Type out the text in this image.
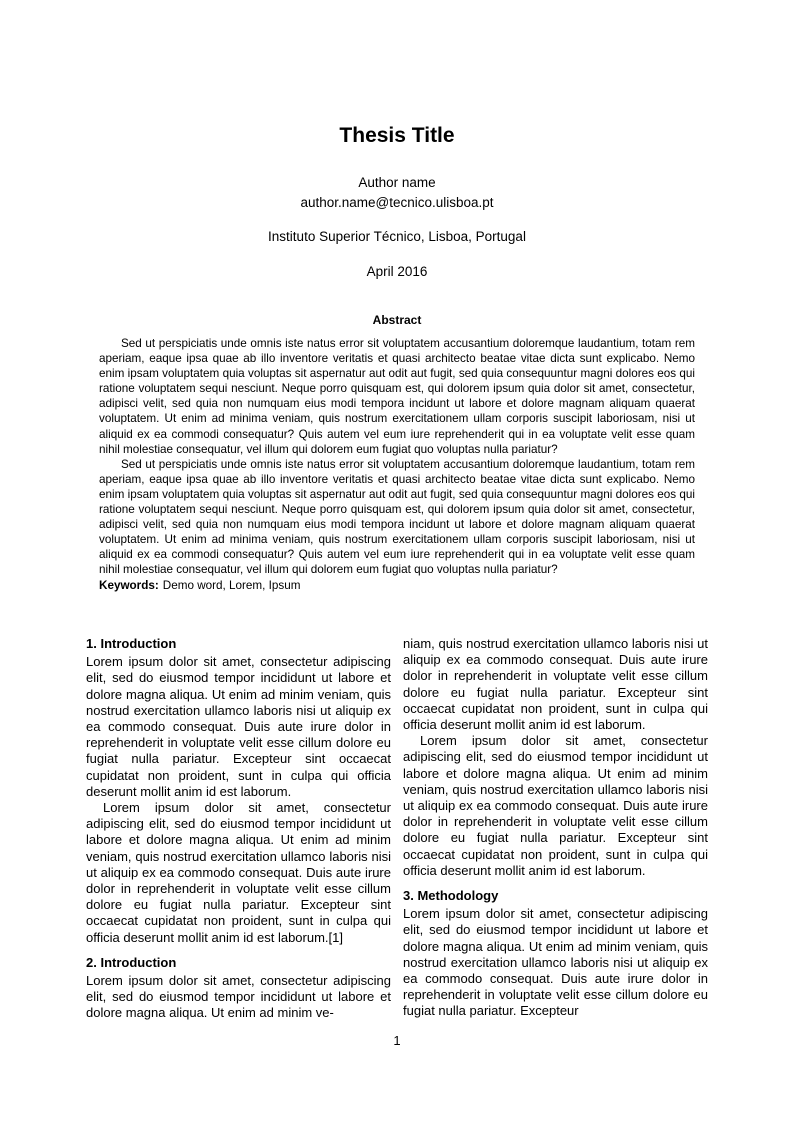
Thesis Title
Author name
author.name@tecnico.ulisboa.pt
Instituto Superior Técnico, Lisboa, Portugal
April 2016
Abstract

Sed ut perspiciatis unde omnis iste natus error sit voluptatem accusantium doloremque laudantium, totam rem aperiam, eaque ipsa quae ab illo inventore veritatis et quasi architecto beatae vitae dicta sunt explicabo. Nemo enim ipsam voluptatem quia voluptas sit aspernatur aut odit aut fugit, sed quia consequuntur magni dolores eos qui ratione voluptatem sequi nesciunt. Neque porro quisquam est, qui dolorem ipsum quia dolor sit amet, consectetur, adipisci velit, sed quia non numquam eius modi tempora incidunt ut labore et dolore magnam aliquam quaerat voluptatem. Ut enim ad minima veniam, quis nostrum exercitationem ullam corporis suscipit laboriosam, nisi ut aliquid ex ea commodi consequatur? Quis autem vel eum iure reprehenderit qui in ea voluptate velit esse quam nihil molestiae consequatur, vel illum qui dolorem eum fugiat quo voluptas nulla pariatur?

Sed ut perspiciatis unde omnis iste natus error sit voluptatem accusantium doloremque laudantium, totam rem aperiam, eaque ipsa quae ab illo inventore veritatis et quasi architecto beatae vitae dicta sunt explicabo. Nemo enim ipsam voluptatem quia voluptas sit aspernatur aut odit aut fugit, sed quia consequuntur magni dolores eos qui ratione voluptatem sequi nesciunt. Neque porro quisquam est, qui dolorem ipsum quia dolor sit amet, consectetur, adipisci velit, sed quia non numquam eius modi tempora incidunt ut labore et dolore magnam aliquam quaerat voluptatem. Ut enim ad minima veniam, quis nostrum exercitationem ullam corporis suscipit laboriosam, nisi ut aliquid ex ea commodi consequatur? Quis autem vel eum iure reprehenderit qui in ea voluptate velit esse quam nihil molestiae consequatur, vel illum qui dolorem eum fugiat quo voluptas nulla pariatur?

Keywords: Demo word, Lorem, Ipsum

1. Introduction

Lorem ipsum dolor sit amet, consectetur adipiscing elit, sed do eiusmod tempor incididunt ut labore et dolore magna aliqua. Ut enim ad minim veniam, quis nostrud exercitation ullamco laboris nisi ut aliquip ex ea commodo consequat. Duis aute irure dolor in reprehenderit in voluptate velit esse cillum dolore eu fugiat nulla pariatur. Excepteur sint occaecat cupidatat non proident, sunt in culpa qui officia deserunt mollit anim id est laborum.

Lorem ipsum dolor sit amet, consectetur adipiscing elit, sed do eiusmod tempor incididunt ut labore et dolore magna aliqua. Ut enim ad minim veniam, quis nostrud exercitation ullamco laboris nisi ut aliquip ex ea commodo consequat. Duis aute irure dolor in reprehenderit in voluptate velit esse cillum dolore eu fugiat nulla pariatur. Excepteur sint occaecat cupidatat non proident, sunt in culpa qui officia deserunt mollit anim id est laborum.[1]

2. Introduction

Lorem ipsum dolor sit amet, consectetur adipiscing elit, sed do eiusmod tempor incididunt ut labore et dolore magna aliqua. Ut enim ad minim ve-

niam, quis nostrud exercitation ullamco laboris nisi ut aliquip ex ea commodo consequat. Duis aute irure dolor in reprehenderit in voluptate velit esse cillum dolore eu fugiat nulla pariatur. Excepteur sint occaecat cupidatat non proident, sunt in culpa qui officia deserunt mollit anim id est laborum.

Lorem ipsum dolor sit amet, consectetur adipiscing elit, sed do eiusmod tempor incididunt ut labore et dolore magna aliqua. Ut enim ad minim veniam, quis nostrud exercitation ullamco laboris nisi ut aliquip ex ea commodo consequat. Duis aute irure dolor in reprehenderit in voluptate velit esse cillum dolore eu fugiat nulla pariatur. Excepteur sint occaecat cupidatat non proident, sunt in culpa qui officia deserunt mollit anim id est laborum.

3. Methodology

Lorem ipsum dolor sit amet, consectetur adipiscing elit, sed do eiusmod tempor incididunt ut labore et dolore magna aliqua. Ut enim ad minim veniam, quis nostrud exercitation ullamco laboris nisi ut aliquip ex ea commodo consequat. Duis aute irure dolor in reprehenderit in voluptate velit esse cillum dolore eu fugiat nulla pariatur. Excepteur

1
